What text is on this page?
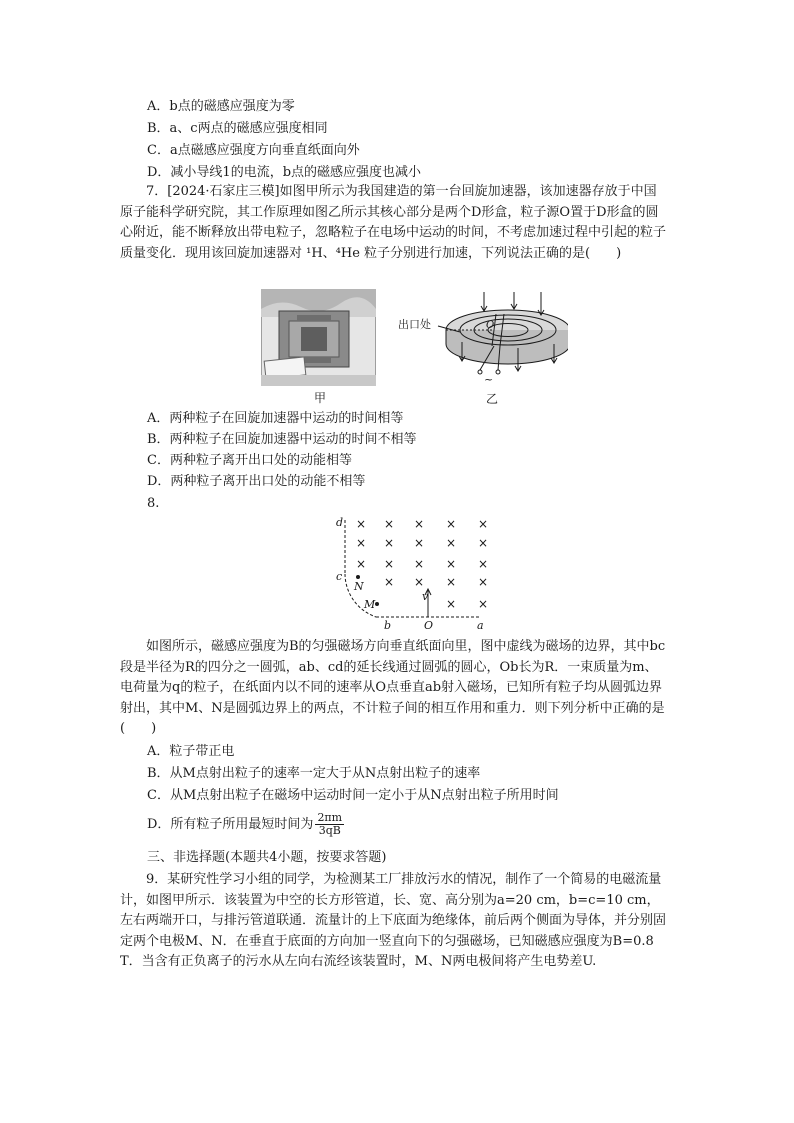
A．b点的磁感应强度为零
B．a、c两点的磁感应强度相同
C．a点磁感应强度方向垂直纸面向外
D．减小导线1的电流，b点的磁感应强度也减小
7．[2024·石家庄三模]如图甲所示为我国建造的第一台回旋加速器，该加速器存放于中国原子能科学研究院，其工作原理如图乙所示其核心部分是两个D形盒，粒子源O置于D形盒的圆心附近，能不断释放出带电粒子，忽略粒子在电场中运动的时间，不考虑加速过程中引起的粒子质量变化．现用该回旋加速器对 ¹H、⁴He 粒子分别进行加速，下列说法正确的是(　　)
甲
出口处	O
~
乙
A．两种粒子在回旋加速器中运动的时间相等
B．两种粒子在回旋加速器中运动的时间不相等
C．两种粒子离开出口处的动能相等
D．两种粒子离开出口处的动能不相等
8.
× × × × ×
× × × × ×
× × × × ×
× × × ×
× ×
d
c
N
M
v
b	O	a
如图所示，磁感应强度为B的匀强磁场方向垂直纸面向里，图中虚线为磁场的边界，其中bc段是半径为R的四分之一圆弧，ab、cd的延长线通过圆弧的圆心，Ob长为R．一束质量为m、电荷量为q的粒子，在纸面内以不同的速率从O点垂直ab射入磁场，已知所有粒子均从圆弧边界射出，其中M、N是圆弧边界上的两点，不计粒子间的相互作用和重力．则下列分析中正确的是(　　)
A．粒子带正电
B．从M点射出粒子的速率一定大于从N点射出粒子的速率
C．从M点射出粒子在磁场中运动时间一定小于从N点射出粒子所用时间
D．所有粒子所用最短时间为 $\frac{2\pi m}{3qB}$
三、非选择题(本题共4小题，按要求答题)
9．某研究性学习小组的同学，为检测某工厂排放污水的情况，制作了一个简易的电磁流量计，如图甲所示．该装置为中空的长方形管道，长、宽、高分别为a=20 cm，b=c=10 cm，左右两端开口，与排污管道联通．流量计的上下底面为绝缘体，前后两个侧面为导体，并分别固定两个电极M、N．在垂直于底面的方向加一竖直向下的匀强磁场，已知磁感应强度为B=0.8 T．当含有正负离子的污水从左向右流经该装置时，M、N两电极间将产生电势差U.
